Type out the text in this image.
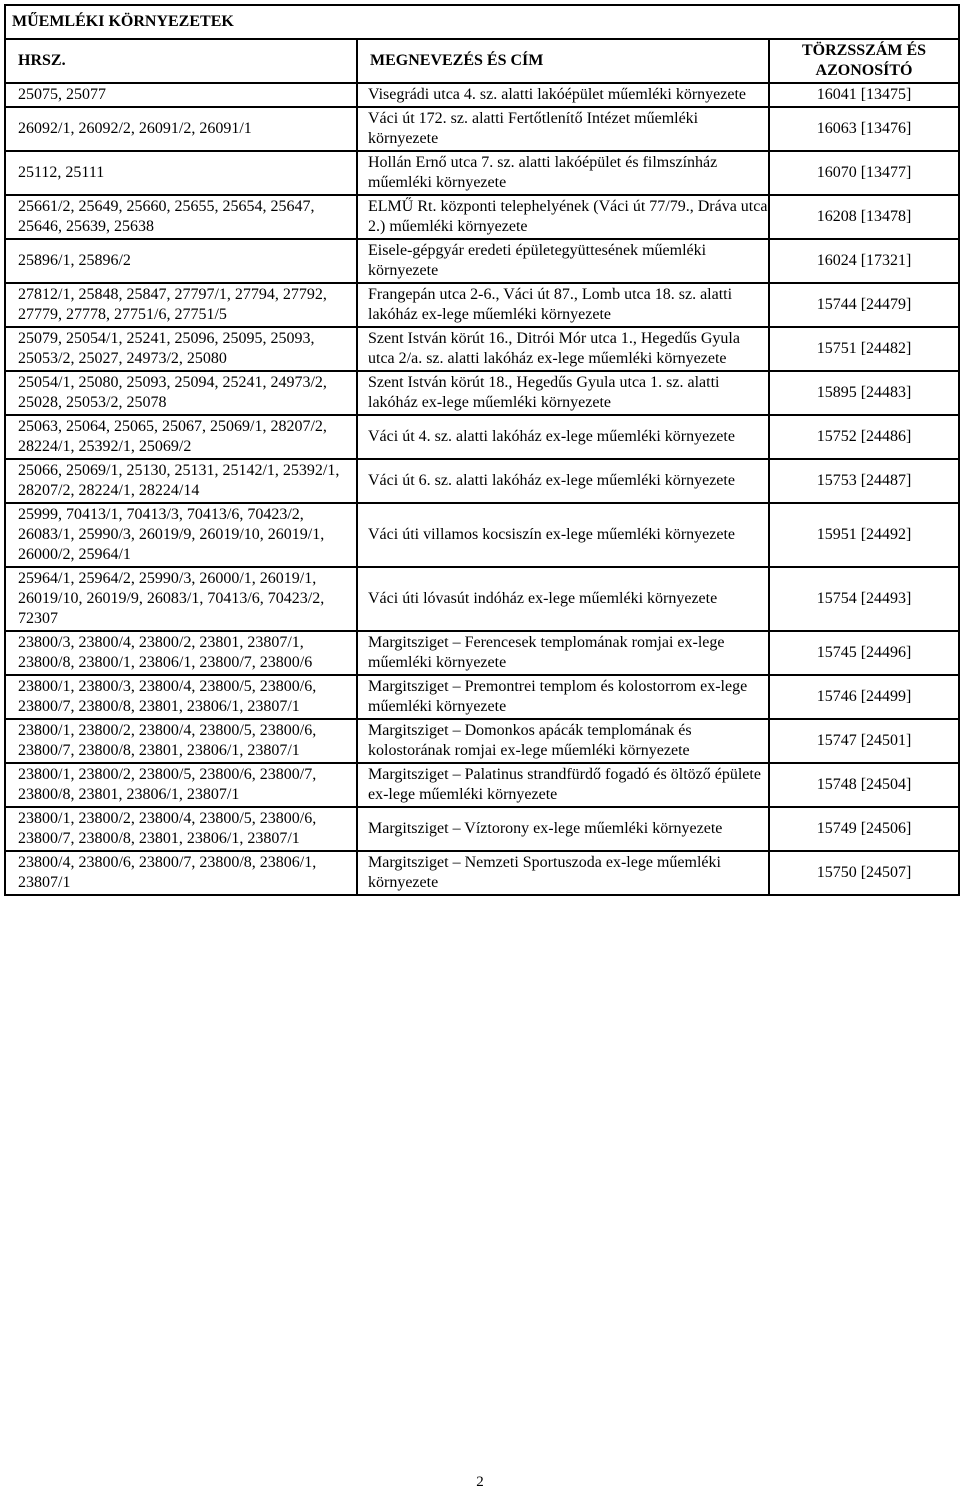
MŰEMLÉKI KÖRNYEZETEK		
HRSZ.	MEGNEVEZÉS ÉS CÍM	TÖRZSSZÁM ÉS
AZONOSÍTÓ
25075, 25077	Visegrádi utca 4. sz. alatti lakóépület műemléki környezete	16041 [13475]
26092/1, 26092/2, 26091/2, 26091/1	Váci út 172. sz. alatti Fertőtlenítő Intézet műemléki környezete	16063 [13476]
25112, 25111	Hollán Ernő utca 7. sz. alatti lakóépület és filmszínház műemléki környezete	16070 [13477]
25661/2, 25649, 25660, 25655, 25654, 25647, 25646, 25639, 25638	ELMŰ Rt. központi telephelyének (Váci út 77/79., Dráva utca 2.) műemléki környezete	16208 [13478]
25896/1, 25896/2	Eisele-gépgyár eredeti épületegyüttesének műemléki környezete	16024 [17321]
27812/1, 25848, 25847, 27797/1, 27794, 27792, 27779, 27778, 27751/6, 27751/5	Frangepán utca 2-6., Váci út 87., Lomb utca 18. sz. alatti lakóház ex-lege műemléki környezete	15744 [24479]
25079, 25054/1, 25241, 25096, 25095, 25093, 25053/2, 25027, 24973/2, 25080	Szent István körút 16., Ditrói Mór utca 1., Hegedűs Gyula utca 2/a. sz. alatti lakóház ex-lege műemléki környezete	15751 [24482]
25054/1, 25080, 25093, 25094, 25241, 24973/2, 25028, 25053/2, 25078	Szent István körút 18., Hegedűs Gyula utca 1. sz. alatti lakóház ex-lege műemléki környezete	15895 [24483]
25063, 25064, 25065, 25067, 25069/1, 28207/2, 28224/1, 25392/1, 25069/2	Váci út 4. sz. alatti lakóház ex-lege műemléki környezete	15752 [24486]
25066, 25069/1, 25130, 25131, 25142/1, 25392/1, 28207/2, 28224/1, 28224/14	Váci út 6. sz. alatti lakóház ex-lege műemléki környezete	15753 [24487]
25999, 70413/1, 70413/3, 70413/6, 70423/2, 26083/1, 25990/3, 26019/9, 26019/10, 26019/1, 26000/2, 25964/1	Váci úti villamos kocsiszín ex-lege műemléki környezete	15951 [24492]
25964/1, 25964/2, 25990/3, 26000/1, 26019/1, 26019/10, 26019/9, 26083/1, 70413/6, 70423/2, 72307	Váci úti lóvasút indóház ex-lege műemléki környezete	15754 [24493]
23800/3, 23800/4, 23800/2, 23801, 23807/1, 23800/8, 23800/1, 23806/1, 23800/7, 23800/6	Margitsziget – Ferencesek templomának romjai ex-lege műemléki környezete	15745 [24496]
23800/1, 23800/3, 23800/4, 23800/5, 23800/6, 23800/7, 23800/8, 23801, 23806/1, 23807/1	Margitsziget – Premontrei templom és kolostorrom ex-lege műemléki környezete	15746 [24499]
23800/1, 23800/2, 23800/4, 23800/5, 23800/6, 23800/7, 23800/8, 23801, 23806/1, 23807/1	Margitsziget – Domonkos apácák templomának és kolostorának romjai ex-lege műemléki környezete	15747 [24501]
23800/1, 23800/2, 23800/5, 23800/6, 23800/7, 23800/8, 23801, 23806/1, 23807/1	Margitsziget – Palatinus strandfürdő fogadó és öltöző épülete ex-lege műemléki környezete	15748 [24504]
23800/1, 23800/2, 23800/4, 23800/5, 23800/6, 23800/7, 23800/8, 23801, 23806/1, 23807/1	Margitsziget – Víztorony ex-lege műemléki környezete	15749 [24506]
23800/4, 23800/6, 23800/7, 23800/8, 23806/1, 23807/1	Margitsziget – Nemzeti Sportuszoda ex-lege műemléki környezete	15750 [24507]
2
